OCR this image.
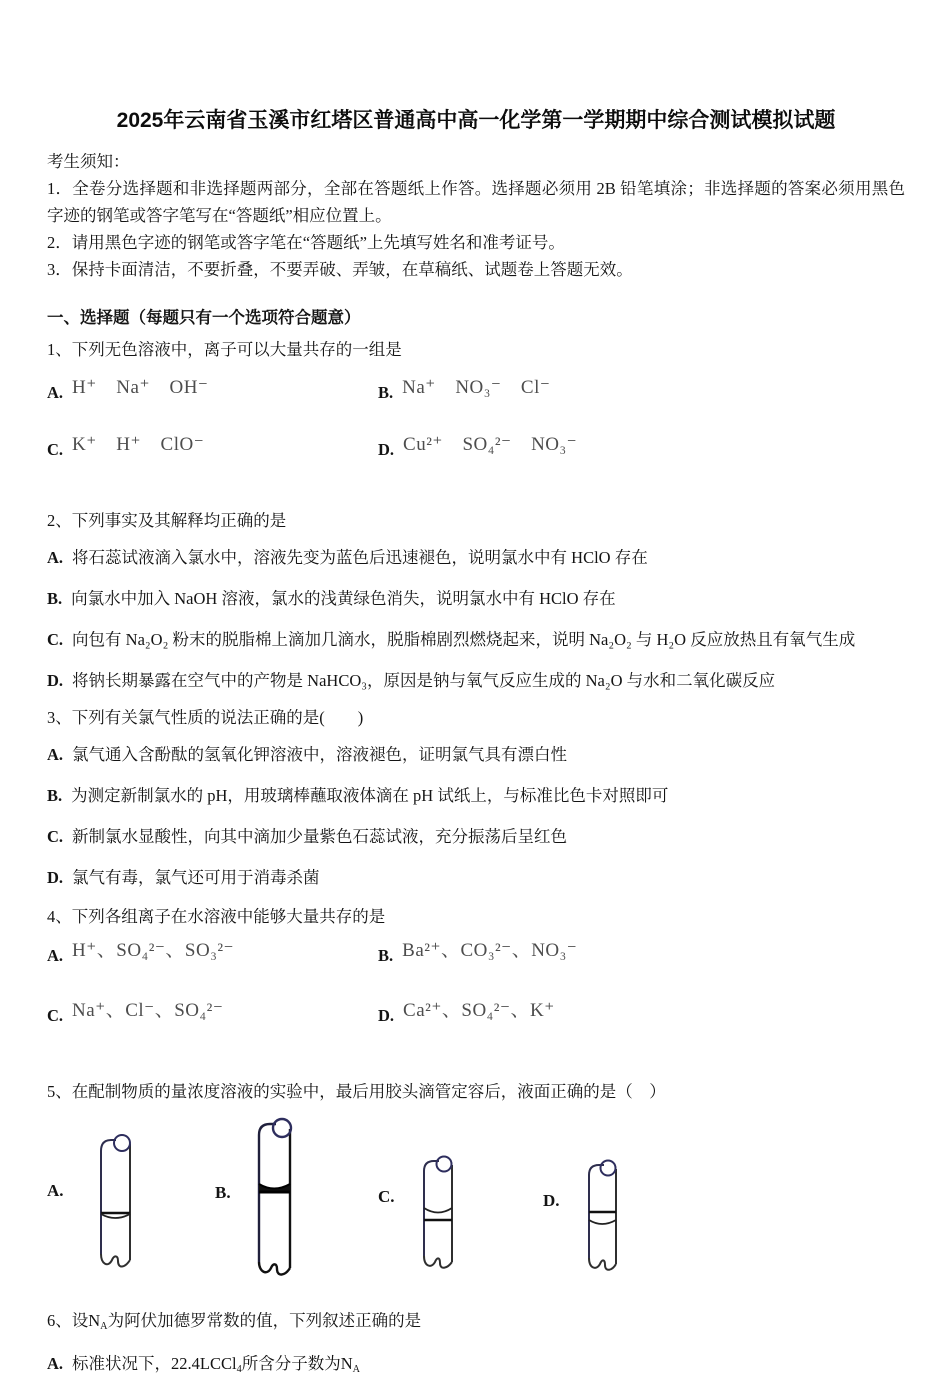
2025年云南省玉溪市红塔区普通高中高一化学第一学期期中综合测试模拟试题

考生须知：

1．全卷分选择题和非选择题两部分，全部在答题纸上作答。选择题必须用 2B 铅笔填涂；非选择题的答案必须用黑色字迹的钢笔或答字笔写在“答题纸”相应位置上。

2．请用黑色字迹的钢笔或答字笔在“答题纸”上先填写姓名和准考证号。

3．保持卡面清洁，不要折叠，不要弄破、弄皱，在草稿纸、试题卷上答题无效。

一、选择题（每题只有一个选项符合题意）

1、下列无色溶液中，离子可以大量共存的一组是

A. H⁺　Na⁺　OH⁻	B. Na⁺　NO₃⁻　Cl⁻
C. K⁺　H⁺　ClO⁻	D. Cu²⁺　SO₄²⁻　NO₃⁻

2、下列事实及其解释均正确的是

A. 将石蕊试液滴入氯水中，溶液先变为蓝色后迅速褪色，说明氯水中有 HClO 存在

B. 向氯水中加入 NaOH 溶液，氯水的浅黄绿色消失，说明氯水中有 HClO 存在

C. 向包有 Na₂O₂ 粉末的脱脂棉上滴加几滴水，脱脂棉剧烈燃烧起来，说明 Na₂O₂ 与 H₂O 反应放热且有氧气生成

D. 将钠长期暴露在空气中的产物是 NaHCO₃，原因是钠与氧气反应生成的 Na₂O 与水和二氧化碳反应

3、下列有关氯气性质的说法正确的是(　　)

A. 氯气通入含酚酞的氢氧化钾溶液中，溶液褪色，证明氯气具有漂白性

B. 为测定新制氯水的 pH，用玻璃棒蘸取液体滴在 pH 试纸上，与标准比色卡对照即可

C. 新制氯水显酸性，向其中滴加少量紫色石蕊试液，充分振荡后呈红色

D. 氯气有毒，氯气还可用于消毒杀菌

4、下列各组离子在水溶液中能够大量共存的是

A. H⁺、SO₄²⁻、SO₃²⁻	B. Ba²⁺、CO₃²⁻、NO₃⁻
C. Na⁺、Cl⁻、SO₄²⁻	D. Ca²⁺、SO₄²⁻、K⁺

5、在配制物质的量浓度溶液的实验中，最后用胶头滴管定容后，液面正确的是（　）

A.	B.	C.	D.

6、设NA为阿伏加德罗常数的值，下列叙述正确的是

A. 标准状况下，22.4LCCl4所含分子数为NA
